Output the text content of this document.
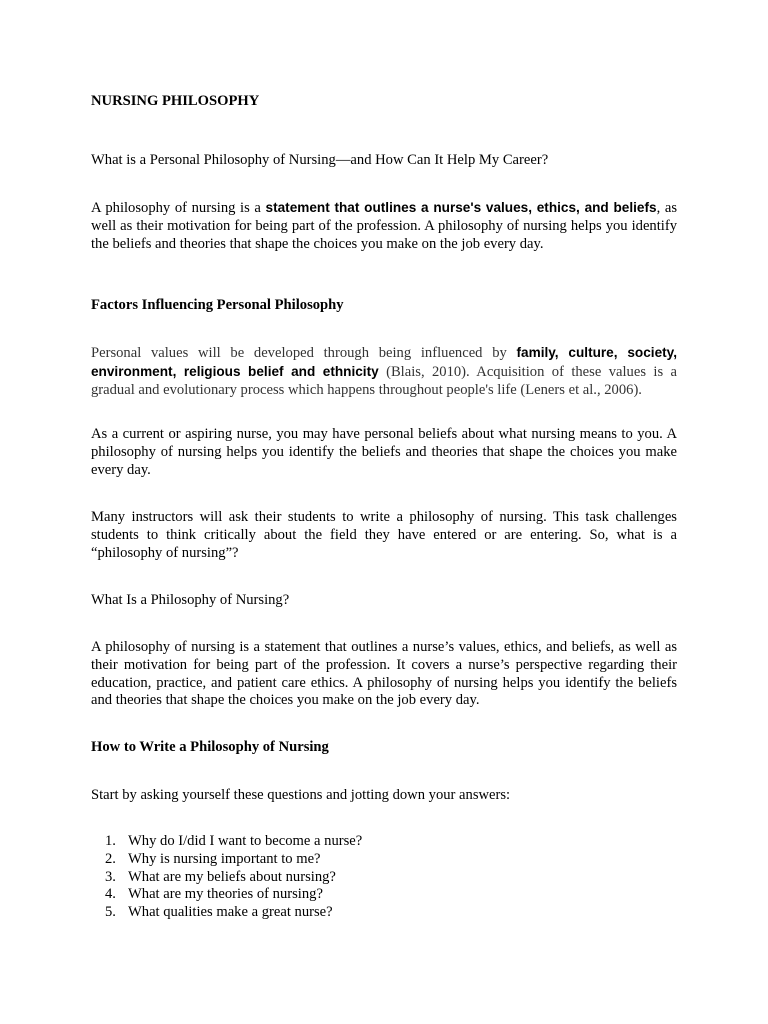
NURSING PHILOSOPHY

What is a Personal Philosophy of Nursing—and How Can It Help My Career?

A philosophy of nursing is a statement that outlines a nurse's values, ethics, and beliefs, as well as their motivation for being part of the profession. A philosophy of nursing helps you identify the beliefs and theories that shape the choices you make on the job every day.

Factors Influencing Personal Philosophy

Personal values will be developed through being influenced by family, culture, society, environment, religious belief and ethnicity (Blais, 2010). Acquisition of these values is a gradual and evolutionary process which happens throughout people's life (Leners et al., 2006).

As a current or aspiring nurse, you may have personal beliefs about what nursing means to you. A philosophy of nursing helps you identify the beliefs and theories that shape the choices you make every day.

Many instructors will ask their students to write a philosophy of nursing. This task challenges students to think critically about the field they have entered or are entering. So, what is a “philosophy of nursing”?

What Is a Philosophy of Nursing?

A philosophy of nursing is a statement that outlines a nurse’s values, ethics, and beliefs, as well as their motivation for being part of the profession. It covers a nurse’s perspective regarding their education, practice, and patient care ethics. A philosophy of nursing helps you identify the beliefs and theories that shape the choices you make on the job every day.

How to Write a Philosophy of Nursing

Start by asking yourself these questions and jotting down your answers:

1. Why do I/did I want to become a nurse?
2. Why is nursing important to me?
3. What are my beliefs about nursing?
4. What are my theories of nursing?
5. What qualities make a great nurse?
